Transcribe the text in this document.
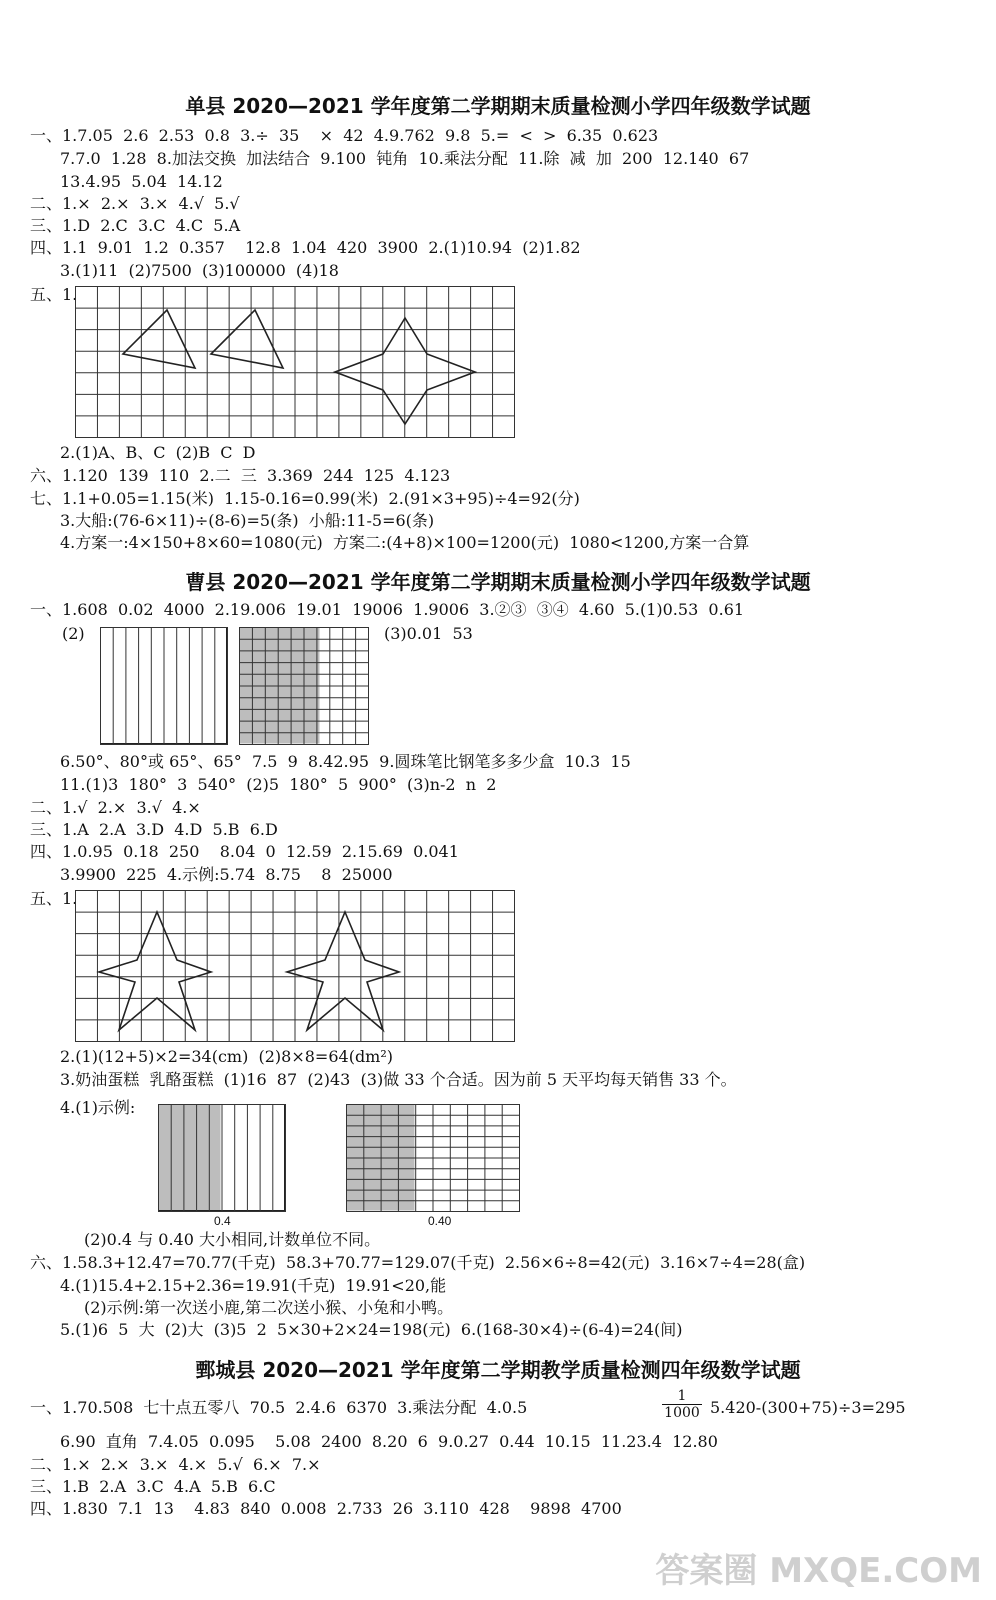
单县 2020—2021 学年度第二学期期末质量检测小学四年级数学试题
一、1.7.05  2.6  2.53  0.8  3.÷  35    ×  42  4.9.762  9.8  5.=  <  >  6.35  0.623
7.7.0  1.28  8.加法交换  加法结合  9.100  钝角  10.乘法分配  11.除  减  加  200  12.140  67
13.4.95  5.04  14.12
二、1.×  2.×  3.×  4.√  5.√
三、1.D  2.C  3.C  4.C  5.A
四、1.1  9.01  1.2  0.357    12.8  1.04  420  3900  2.(1)10.94  (2)1.82
3.(1)11  (2)7500  (3)100000  (4)18
五、1.
2.(1)A、B、C  (2)B  C  D
六、1.120  139  110  2.二  三  3.369  244  125  4.123
七、1.1+0.05=1.15(米)  1.15-0.16=0.99(米)  2.(91×3+95)÷4=92(分)
3.大船:(76-6×11)÷(8-6)=5(条)  小船:11-5=6(条)
4.方案一:4×150+8×60=1080(元)  方案二:(4+8)×100=1200(元)  1080<1200,方案一合算
曹县 2020—2021 学年度第二学期期末质量检测小学四年级数学试题
一、1.608  0.02  4000  2.19.006  19.01  19006  1.9006  3.②③  ③④  4.60  5.(1)0.53  0.61
(2)	(3)0.01  53
6.50°、80°或 65°、65°  7.5  9  8.42.95  9.圆珠笔比钢笔多多少盒  10.3  15
11.(1)3  180°  3  540°  (2)5  180°  5  900°  (3)n-2  n  2
二、1.√  2.×  3.√  4.×
三、1.A  2.A  3.D  4.D  5.B  6.D
四、1.0.95  0.18  250    8.04  0  12.59  2.15.69  0.041
3.9900  225  4.示例:5.74  8.75    8  25000
五、1.
2.(1)(12+5)×2=34(cm)  (2)8×8=64(dm²)
3.奶油蛋糕  乳酪蛋糕  (1)16  87  (2)43  (3)做 33 个合适。因为前 5 天平均每天销售 33 个。
4.(1)示例:
0.4	0.40
(2)0.4 与 0.40 大小相同,计数单位不同。
六、1.58.3+12.47=70.77(千克)  58.3+70.77=129.07(千克)  2.56×6÷8=42(元)  3.16×7÷4=28(盒)
4.(1)15.4+2.15+2.36=19.91(千克)  19.91<20,能
(2)示例:第一次送小鹿,第二次送小猴、小兔和小鸭。
5.(1)6  5  大  (2)大  (3)5  2  5×30+2×24=198(元)  6.(168-30×4)÷(6-4)=24(间)
鄄城县 2020—2021 学年度第二学期教学质量检测四年级数学试题
一、1.70.508  七十点五零八  70.5  2.4.6  6370  3.乘法分配  4.0.5	$\frac{1}{1000} 5.420-(300+75)\div 3=295$
6.90  直角  7.4.05  0.095    5.08  2400  8.20  6  9.0.27  0.44  10.15  11.23.4  12.80
二、1.×  2.×  3.×  4.×  5.√  6.×  7.×
三、1.B  2.A  3.C  4.A  5.B  6.C
四、1.830  7.1  13    4.83  840  0.008  2.733  26  3.110  428    9898  4700
答案圈 MXQE.COM
